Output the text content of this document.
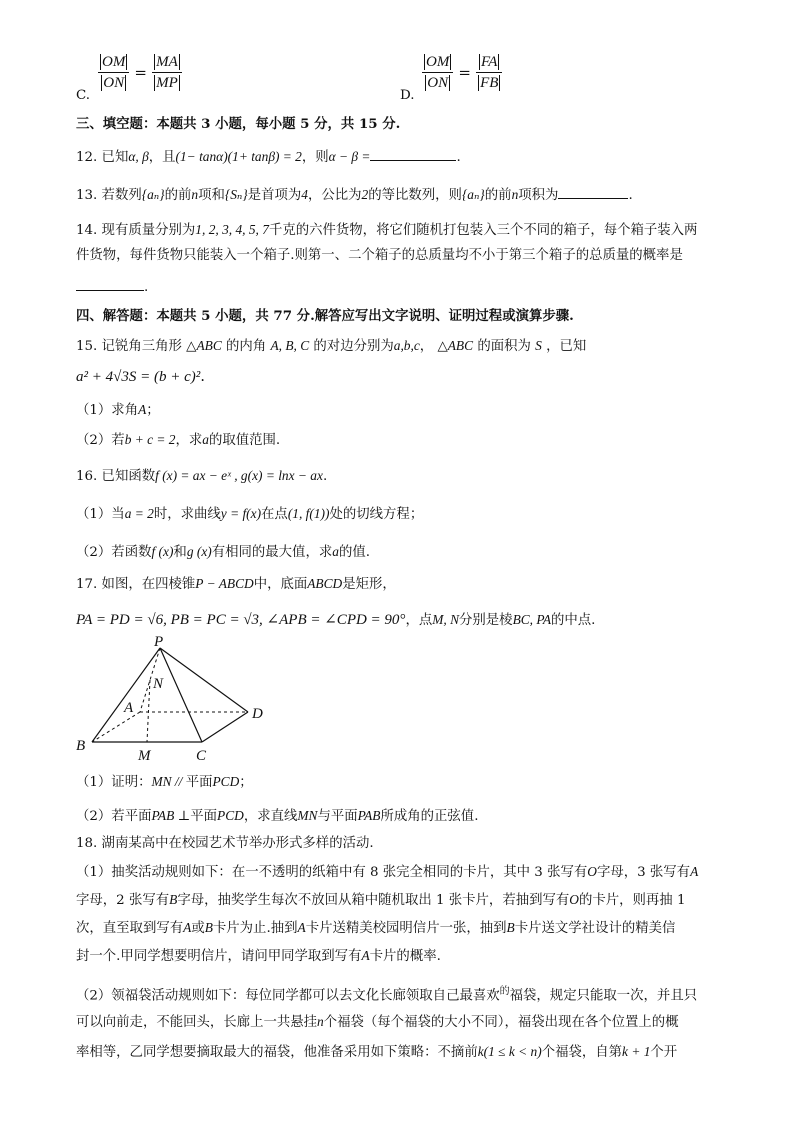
C.
$\frac{OM}{ON} = \frac{MA}{MP}$
D.
$\frac{OM}{ON} = \frac{FA}{FB}$
三、填空题：本题共 3 小题，每小题 5 分，共 15 分.
12. 已知α, β，且(1− tanα)(1+ tanβ) = 2，则α − β =	.
13. 若数列{aₙ}的前n项和{Sₙ}是首项为4，公比为2的等比数列，则{aₙ}的前n项积为	.
14. 现有质量分别为1, 2, 3, 4, 5, 7千克的六件货物，将它们随机打包装入三个不同的箱子，每个箱子装入两
件货物，每件货物只能装入一个箱子.则第一、二个箱子的总质量均不小于第三个箱子的总质量的概率是
.
四、解答题：本题共 5 小题，共 77 分.解答应写出文字说明、证明过程或演算步骤.
15. 记锐角三角形 △ABC 的内角 A, B, C 的对边分别为a,b,c， △ABC 的面积为 S ，已知
a² + 4√3S = (b + c)².
（1）求角A；
（2）若b + c = 2，求a的取值范围.
16. 已知函数f (x) = ax − eˣ , g(x) = lnx − ax.
（1）当a = 2时，求曲线y = f(x)在点(1, f(1))处的切线方程；
（2）若函数f (x)和g (x)有相同的最大值，求a的值.
17. 如图，在四棱锥P − ABCD中，底面ABCD是矩形，
PA = PD = √6, PB = PC = √3, ∠APB = ∠CPD = 90°，点M, N分别是棱BC, PA的中点.
P
N
A	D
B
M	C
（1）证明：MN // 平面PCD；
（2）若平面PAB ⊥平面PCD，求直线MN与平面PAB所成角的正弦值.
18. 湖南某高中在校园艺术节举办形式多样的活动.
（1）抽奖活动规则如下：在一不透明的纸箱中有 8 张完全相同的卡片，其中 3 张写有O字母，3 张写有A
字母，2 张写有B字母，抽奖学生每次不放回从箱中随机取出 1 张卡片，若抽到写有O的卡片，则再抽 1
次，直至取到写有A或B卡片为止.抽到A卡片送精美校园明信片一张，抽到B卡片送文学社设计的精美信
封一个.甲同学想要明信片，请问甲同学取到写有A卡片的概率.
（2）领福袋活动规则如下：每位同学都可以去文化长廊领取自己最喜欢$^的$福袋，规定只能取一次，并且只
可以向前走，不能回头，长廊上一共悬挂n个福袋（每个福袋的大小不同），福袋出现在各个位置上的概
率相等，乙同学想要摘取最大的福袋，他准备采用如下策略：不摘前k(1 ≤ k < n)个福袋，自第k + 1个开
